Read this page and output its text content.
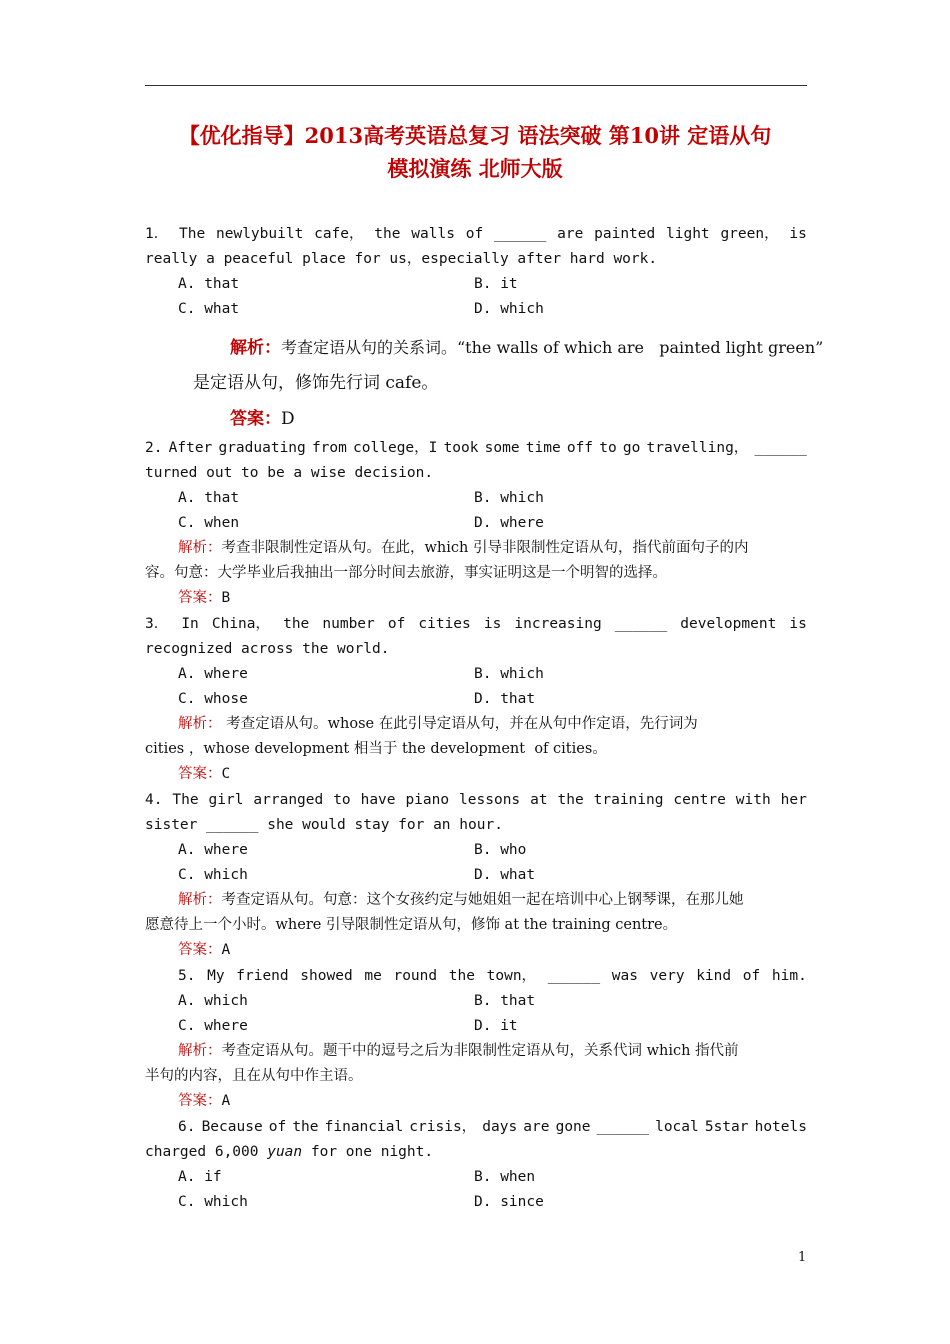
【优化指导】2013高考英语总复习 语法突破 第10讲 定语从句
模拟演练 北师大版
1． The newlybuilt cafe， the walls of ______ are painted light green， is
really a peaceful place for us，especially after hard work.
A. that	B. it
C. what	D. which
解析：考查定语从句的关系词。“the walls of which are   painted light green”
是定语从句，修饰先行词 cafe。
答案：D
2. After graduating from college，I took some time off to go travelling， ______
turned out to be a wise decision.
A. that	B. which
C. when	D. where
解析：考查非限制性定语从句。在此，which 引导非限制性定语从句，指代前面句子的内
容。句意：大学毕业后我抽出一部分时间去旅游，事实证明这是一个明智的选择。
答案：B
3． In China， the number of cities is increasing ______ development is
recognized across the world.
A. where	B. which
C. whose	D. that
解析： 考查定语从句。whose 在此引导定语从句，并在从句中作定语，先行词为
cities ，whose development 相当于 the development  of cities。
答案：C
4. The girl arranged to have piano lessons at the training centre with her
sister ______ she would stay for an hour.
A. where	B. who
C. which	D. what
解析：考查定语从句。句意：这个女孩约定与她姐姐一起在培训中心上钢琴课，在那儿她
愿意待上一个小时。where 引导限制性定语从句，修饰 at the training centre。
答案：A
5. My friend showed me round the town， ______ was very kind of him.
A. which	B. that
C. where	D. it
解析：考查定语从句。题干中的逗号之后为非限制性定语从句，关系代词 which 指代前
半句的内容，且在从句中作主语。
答案：A
6. Because of the financial crisis， days are gone ______ local 5star hotels
charged 6,000 yuan for one night.
A. if	B. when
C. which	D. since
1
